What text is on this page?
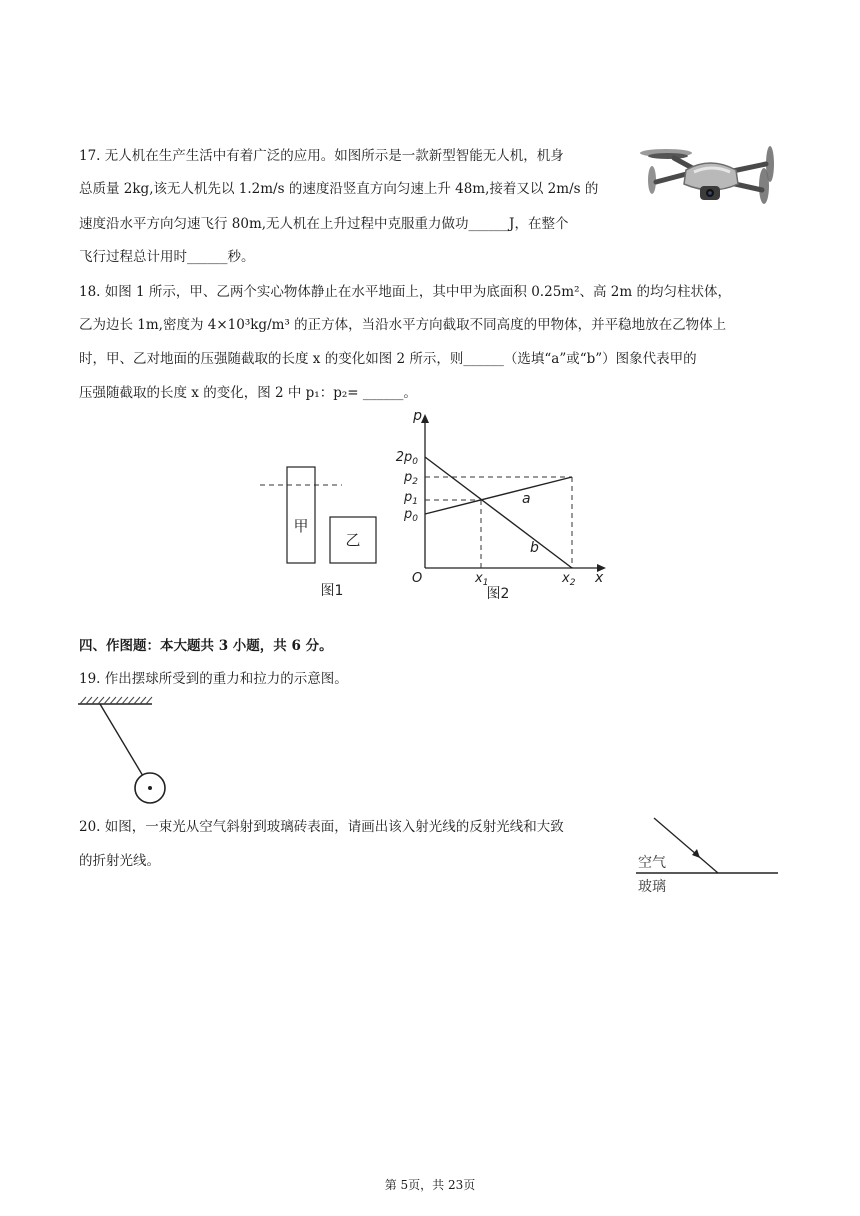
17. 无人机在生产生活中有着广泛的应用。如图所示是一款新型智能无人机，机身
总质量 2kg,该无人机先以 1.2m/s 的速度沿竖直方向匀速上升 48m,接着又以 2m/s 的
速度沿水平方向匀速飞行 80m,无人机在上升过程中克服重力做功______J，在整个
飞行过程总计用时______秒。
18. 如图 1 所示，甲、乙两个实心物体静止在水平地面上，其中甲为底面积 0.25m²、高 2m 的均匀柱状体，
乙为边长 1m,密度为 4×10³kg/m³ 的正方体，当沿水平方向截取不同高度的甲物体，并平稳地放在乙物体上
时，甲、乙对地面的压强随截取的长度 x 的变化如图 2 所示，则______（选填“a”或“b”）图象代表甲的
压强随截取的长度 x 的变化，图 2 中 p₁：p₂= ______。
甲
乙
图1
p
x
O
a
b
$2p_0$
$p_2$
$p_1$
$p_0$
$x_1$	$x_2$
图2
四、作图题：本大题共 3 小题，共 6 分。
19. 作出摆球所受到的重力和拉力的示意图。
20. 如图，一束光从空气斜射到玻璃砖表面，请画出该入射光线的反射光线和大致
的折射光线。	空气
玻璃
第 5页，共 23页
